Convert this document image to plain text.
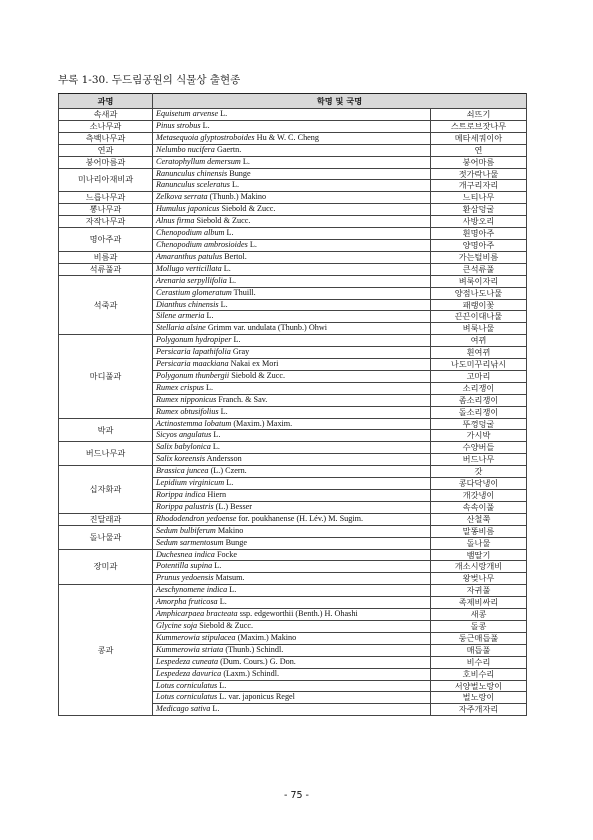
부록 1-30. 두드림공원의 식물상 출현종
과명	학명 및 국명	
속새과	Equisetum arvense L.	쇠뜨기
소나무과	Pinus strobus L.	스트로브잣나무
측백나무과	Metasequoia glyptostroboides Hu & W. C. Cheng	메타세쿼이아
연과	Nelumbo nucifera Gaertn.	연
붕어마름과	Ceratophyllum demersum L.	붕어마름
미나리아재비과	Ranunculus chinensis Bunge	젓가락나물
	Ranunculus sceleratus L.	개구리자리
느릅나무과	Zelkova serrata (Thunb.) Makino	느티나무
뽕나무과	Humulus japonicus Siebold & Zucc.	환삼덩굴
자작나무과	Alnus firma Siebold & Zucc.	사방오리
명아주과	Chenopodium album L.	흰명아주
	Chenopodium ambrosioides L.	양명아주
비름과	Amaranthus patulus Bertol.	가는털비름
석류풀과	Mollugo verticillata L.	큰석류풀
석죽과	Arenaria serpyllifolia L.	벼룩이자리
	Cerastium glomeratum Thuill.	양점나도나물
	Dianthus chinensis L.	패랭이꽃
	Silene armeria L.	끈끈이대나물
	Stellaria alsine Grimm var. undulata (Thunb.) Ohwi	벼룩나물
마디풀과	Polygonum hydropiper L.	여뀌
	Persicaria lapathifolia Gray	흰여뀌
	Persicaria maackiana Nakai ex Mori	나도미꾸리낚시
	Polygonum thunbergii Siebold & Zucc.	고마리
	Rumex crispus L.	소리쟁이
	Rumex nipponicus Franch. & Sav.	좀소리쟁이
	Rumex obtusifolius L.	돌소리쟁이
박과	Actinostemma lobatum (Maxim.) Maxim.	뚜껑덩굴
	Sicyos angulatus L.	가시박
버드나무과	Salix babylonica L.	수양버들
	Salix koreensis Andersson	버드나무
십자화과	Brassica juncea (L.) Czern.	갓
	Lepidium virginicum L.	콩다닥냉이
	Rorippa indica Hiern	개갓냉이
	Rorippa palustris (L.) Besser	속속이풀
진달래과	Rhododendron yedoense for. poukhanense (H. Lév.) M. Sugim.	산철쭉
돌나물과	Sedum bulbiferum Makino	말똥비름
	Sedum sarmentosum Bunge	돌나물
장미과	Duchesnea indica Focke	뱀딸기
	Potentilla supina L.	개소시랑개비
	Prunus yedoensis Matsum.	왕벚나무
콩과	Aeschynomene indica L.	자귀풀
	Amorpha fruticosa L.	족제비싸리
	Amphicarpaea bracteata ssp. edgeworthii (Benth.) H. Ohashi	새콩
	Glycine soja Siebold & Zucc.	돌콩
	Kummerowia stipulacea (Maxim.) Makino	둥근매듭풀
	Kummerowia striata (Thunb.) Schindl.	매듭풀
	Lespedeza cuneata (Dum. Cours.) G. Don.	비수리
	Lespedeza davurica (Laxm.) Schindl.	호비수리
	Lotus corniculatus L.	서양벌노랑이
	Lotus corniculatus L. var. japonicus Regel	벌노랑이
	Medicago sativa L.	자주개자리
- 75 -
